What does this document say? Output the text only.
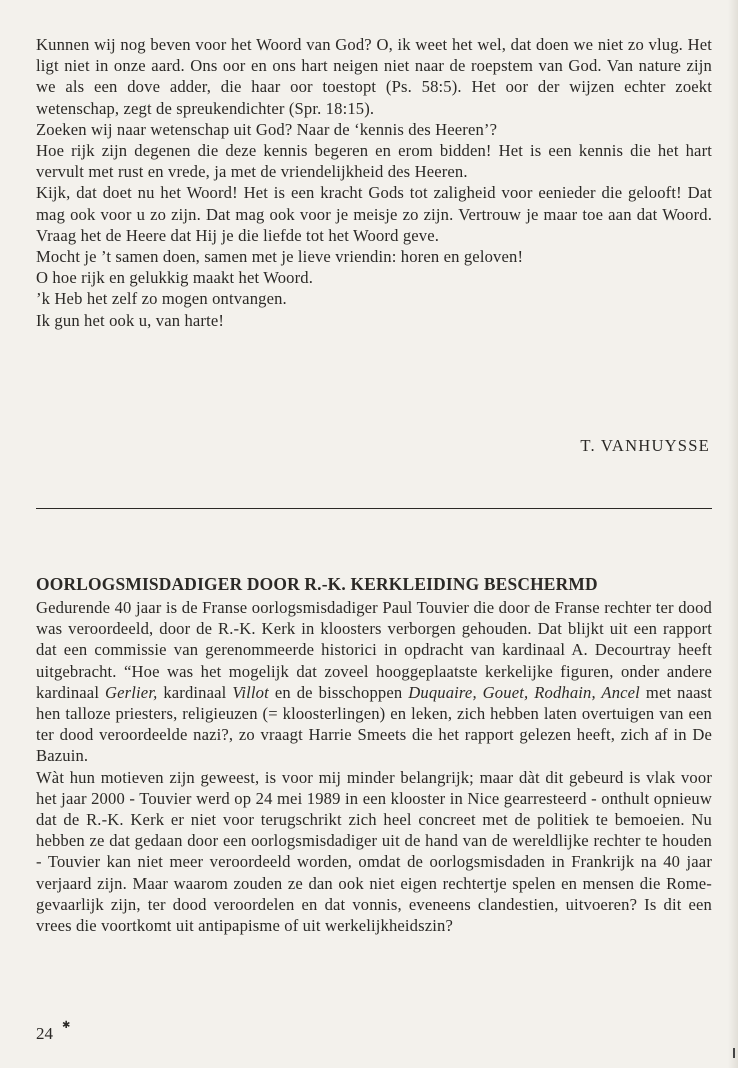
Kunnen wij nog beven voor het Woord van God? O, ik weet het wel, dat doen we niet zo vlug. Het ligt niet in onze aard. Ons oor en ons hart neigen niet naar de roepstem van God. Van nature zijn we als een dove adder, die haar oor toestopt (Ps. 58:5). Het oor der wijzen echter zoekt wetenschap, zegt de spreukendichter (Spr. 18:15).

Zoeken wij naar wetenschap uit God? Naar de ‘kennis des Heeren’?

Hoe rijk zijn degenen die deze kennis begeren en erom bidden! Het is een kennis die het hart vervult met rust en vrede, ja met de vriendelijkheid des Heeren.

Kijk, dat doet nu het Woord! Het is een kracht Gods tot zaligheid voor eenieder die gelooft! Dat mag ook voor u zo zijn. Dat mag ook voor je meisje zo zijn. Vertrouw je maar toe aan dat Woord. Vraag het de Heere dat Hij je die liefde tot het Woord geve.

Mocht je ’t samen doen, samen met je lieve vriendin: horen en geloven!

O hoe rijk en gelukkig maakt het Woord.

’k Heb het zelf zo mogen ontvangen.

Ik gun het ook u, van harte!

T. VANHUYSSE
OORLOGSMISDADIGER DOOR R.-K. KERKLEIDING BESCHERMD

Gedurende 40 jaar is de Franse oorlogsmisdadiger Paul Touvier die door de Franse rechter ter dood was veroordeeld, door de R.-K. Kerk in kloosters verborgen gehouden. Dat blijkt uit een rapport dat een commissie van gerenommeerde historici in opdracht van kardinaal A. Decourtray heeft uitgebracht. “Hoe was het mogelijk dat zoveel hooggeplaatste kerkelijke figuren, onder andere kardinaal Gerlier, kardinaal Villot en de bisschoppen Duquaire, Gouet, Rodhain, Ancel met naast hen talloze priesters, religieuzen (= kloosterlingen) en leken, zich hebben laten overtuigen van een ter dood veroordeelde nazi?, zo vraagt Harrie Smeets die het rapport gelezen heeft, zich af in De Bazuin.

Wàt hun motieven zijn geweest, is voor mij minder belangrijk; maar dàt dit gebeurd is vlak voor het jaar 2000 - Touvier werd op 24 mei 1989 in een klooster in Nice gearresteerd - onthult opnieuw dat de R.-K. Kerk er niet voor terugschrikt zich heel concreet met de politiek te bemoeien. Nu hebben ze dat gedaan door een oorlogsmisdadiger uit de hand van de wereldlijke rechter te houden - Touvier kan niet meer veroordeeld worden, omdat de oorlogsmisdaden in Frankrijk na 40 jaar verjaard zijn. Maar waarom zouden ze dan ook niet eigen rechtertje spelen en mensen die Rome-gevaarlijk zijn, ter dood veroordelen en dat vonnis, eveneens clandestien, uitvoeren? Is dit een vrees die voortkomt uit antipapisme of uit werkelijkheidszin?

24 ✱
